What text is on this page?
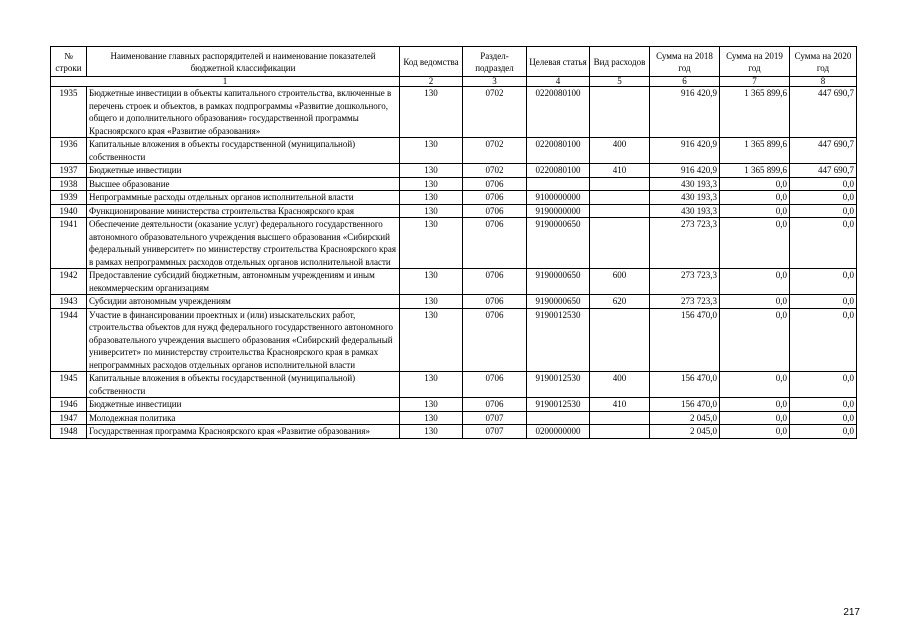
№ строки	Наименование главных распорядителей и наименование показателей бюджетной классификации	Код ведомства	Раздел-подраздел	Целевая статья	Вид расходов	Сумма на 2018 год	Сумма на 2019 год	Сумма на 2020 год
1		2	3	4	5	6	7	8
1935	Бюджетные инвестиции в объекты капитального строительства, включенные в перечень строек и объектов, в рамках подпрограммы «Развитие дошкольного, общего и дополнительного образования» государственной программы Красноярского края «Развитие образования»	130	0702	0220080100		916 420,9	1 365 899,6	447 690,7
1936	Капитальные вложения в объекты государственной (муниципальной) собственности	130	0702	0220080100	400	916 420,9	1 365 899,6	447 690,7
1937	Бюджетные инвестиции	130	0702	0220080100	410	916 420,9	1 365 899,6	447 690,7
1938	Высшее образование	130	0706			430 193,3	0,0	0,0
1939	Непрограммные расходы отдельных органов исполнительной власти	130	0706	9100000000		430 193,3	0,0	0,0
1940	Функционирование министерства строительства Красноярского края	130	0706	9190000000		430 193,3	0,0	0,0
1941	Обеспечение деятельности (оказание услуг) федерального государственного автономного образовательного учреждения высшего образования «Сибирский федеральный университет» по министерству строительства Красноярского края в рамках непрограммных расходов отдельных органов исполнительной власти	130	0706	9190000650		273 723,3	0,0	0,0
1942	Предоставление субсидий бюджетным, автономным учреждениям и иным некоммерческим организациям	130	0706	9190000650	600	273 723,3	0,0	0,0
1943	Субсидии автономным учреждениям	130	0706	9190000650	620	273 723,3	0,0	0,0
1944	Участие в финансировании проектных и (или) изыскательских работ, строительства объектов для нужд федерального государственного автономного образовательного учреждения высшего образования «Сибирский федеральный университет» по министерству строительства Красноярского края в рамках непрограммных расходов отдельных органов исполнительной власти	130	0706	9190012530		156 470,0	0,0	0,0
1945	Капитальные вложения в объекты государственной (муниципальной) собственности	130	0706	9190012530	400	156 470,0	0,0	0,0
1946	Бюджетные инвестиции	130	0706	9190012530	410	156 470,0	0,0	0,0
1947	Молодежная политика	130	0707			2 045,0	0,0	0,0
1948	Государственная программа Красноярского края «Развитие образования»	130	0707	0200000000		2 045,0	0,0	0,0
217
